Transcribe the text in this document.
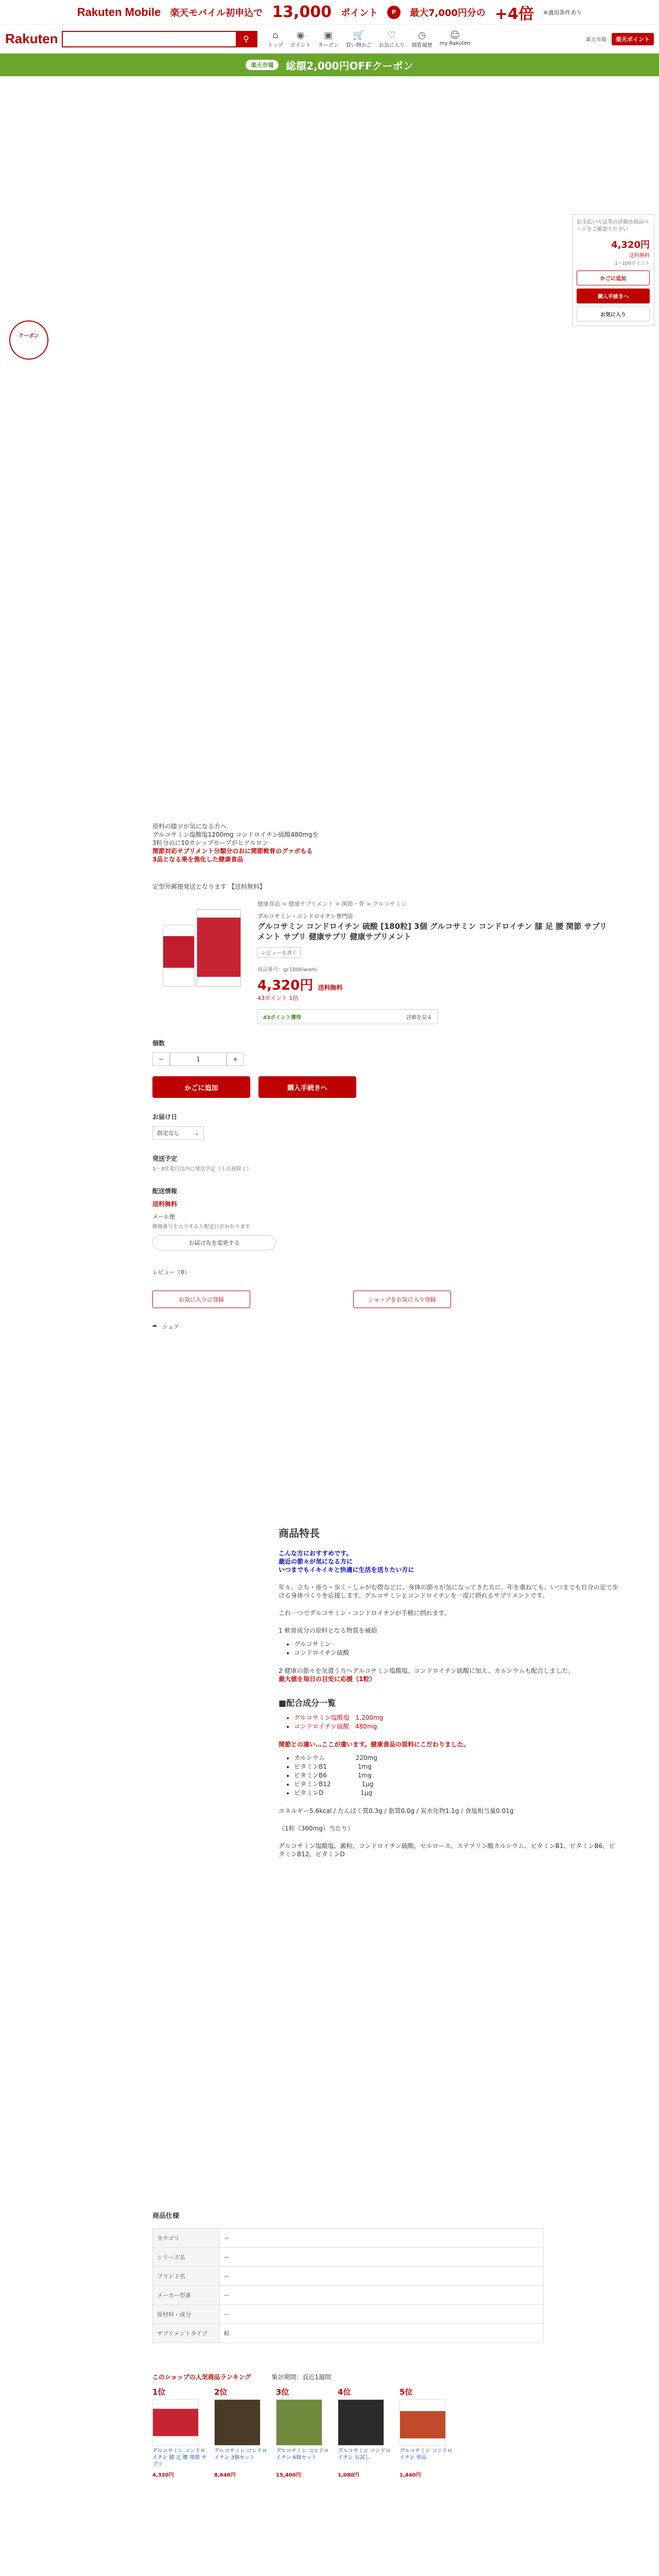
Rakuten Mobile 楽天モバイル初申込で 13,000 ポイント	P	最大7,000円分の +4倍 ※適用条件あり
Rakuten	⚲	⌂
トップ
◉
ポイント
▣
クーポン
🛒
買い物かご
♡
お気に入り
◷
閲覧履歴
☺
my Rakuten
楽天市場	楽天ポイント
楽天市場	総額2,000円OFFクーポン
クーポン
お支払い方法等の詳細は商品ページをご確認ください
4,320円
送料無料
1～100ポイント
かごに追加
購入手続きへ
お気に入り

原料の膝ツが気になる方へ

グルコサミン塩酸塩1200mg コンドロイチン硫酸480mgを

3粒分のに10カシップセーブがヒアルロン

関節対応サプリメント分類分のおに関節軟骨のグァポもる

3品となる乗を強化した健康食品

定型外郵便発送となります 【送料無料】
健康食品 > 健康サプリメント > 関節・骨 > グルコサミン
グルコサミン・コンドロイチン専門店
グルコサミン コンドロイチン 硫酸 [180粒] 3個 グルコサミン コンドロイチン 膝 足 腰 関節 サプリメント サプリ 健康サプリ 健康サプリメント
レビューを書く
商品番号：gc180kiwami
4,320円 送料無料
43ポイント 1倍
43ポイント獲得	詳細を見る
個数
−	1	+
かごに追加	購入手続きへ
お届け日
指定なし	⌄
発送予定
1～3営業日以内に発送予定（土日祝除く）
配送情報
送料無料
メール便
郵便番号を入力すると配送日がわかります
お届け先を変更する
レビュー（0）
お気に入りに登録	ショップをお気に入り登録
➦ シェア
商品特長

こんな方におすすめです。

最近の節々が気になる方に

いつまでもイキイキと快適に生活を送りたい方に

年々、立ち・座り・歩く・しゃがむ際などに、身体の節々が気になってきた方に。年を重ねても、いつまでも自分の足で歩ける身体づくりを応援します。グルコサミンとコンドロイチンを一度に摂れるサプリメントです。

これ一つでグルコサミン・コンドロイチンが手軽に摂れます。

1 軟骨成分の原料となる物質を補給

• グルコサミン
• コンドロイチン硫酸

2 健康の節々を気遣う方へグルコサミン塩酸塩、コンドロイチン硫酸に加え、カルシウムも配合しました。

最大値を毎日の目安に応援（1粒）

■配合成分一覧
• グルコサミン塩酸塩　1,200mg
• コンドロイチン硫酸　480mg

関節との違い…ここが違います。健康食品の原料にこだわりました。

• カルシウム　　　　　220mg
• ビタミンB1　　　　　1mg
• ビタミンB6　　　　　1mg
• ビタミンB12　　　　　1μg
• ビタミンD　　　　　　1μg

エネルギー5.6kcal / たんぱく質0.3g / 脂質0.0g / 炭水化物1.1g / 食塩相当量0.01g

（1粒（360mg）当たり）

グルコサミン塩酸塩、澱粉、コンドロイチン硫酸、セルロース、ステアリン酸カルシウム、ビタミンB1、ビタミンB6、ビタミンB12、ビタミンD

商品仕様
カテゴリ	ー
シリーズ名	ー
ブランド名	ー
メーカー型番	ー
原材料・成分	ー
サプリメントタイプ	粒
このショップの人気商品ランキング	集計期間：直近1週間
1位
グルコサミン コンドロイチン 膝 足 腰 関節 サプリ
4,320円
2位
グルコサミン コンドロイチン 3個セット
8,640円
3位
グルコサミン コンドロイチン 6個セット
15,400円
4位
グルコサミン コンドロイチン お試し
1,080円
5位
グルコサミン コンドロイチン 単品
1,440円
